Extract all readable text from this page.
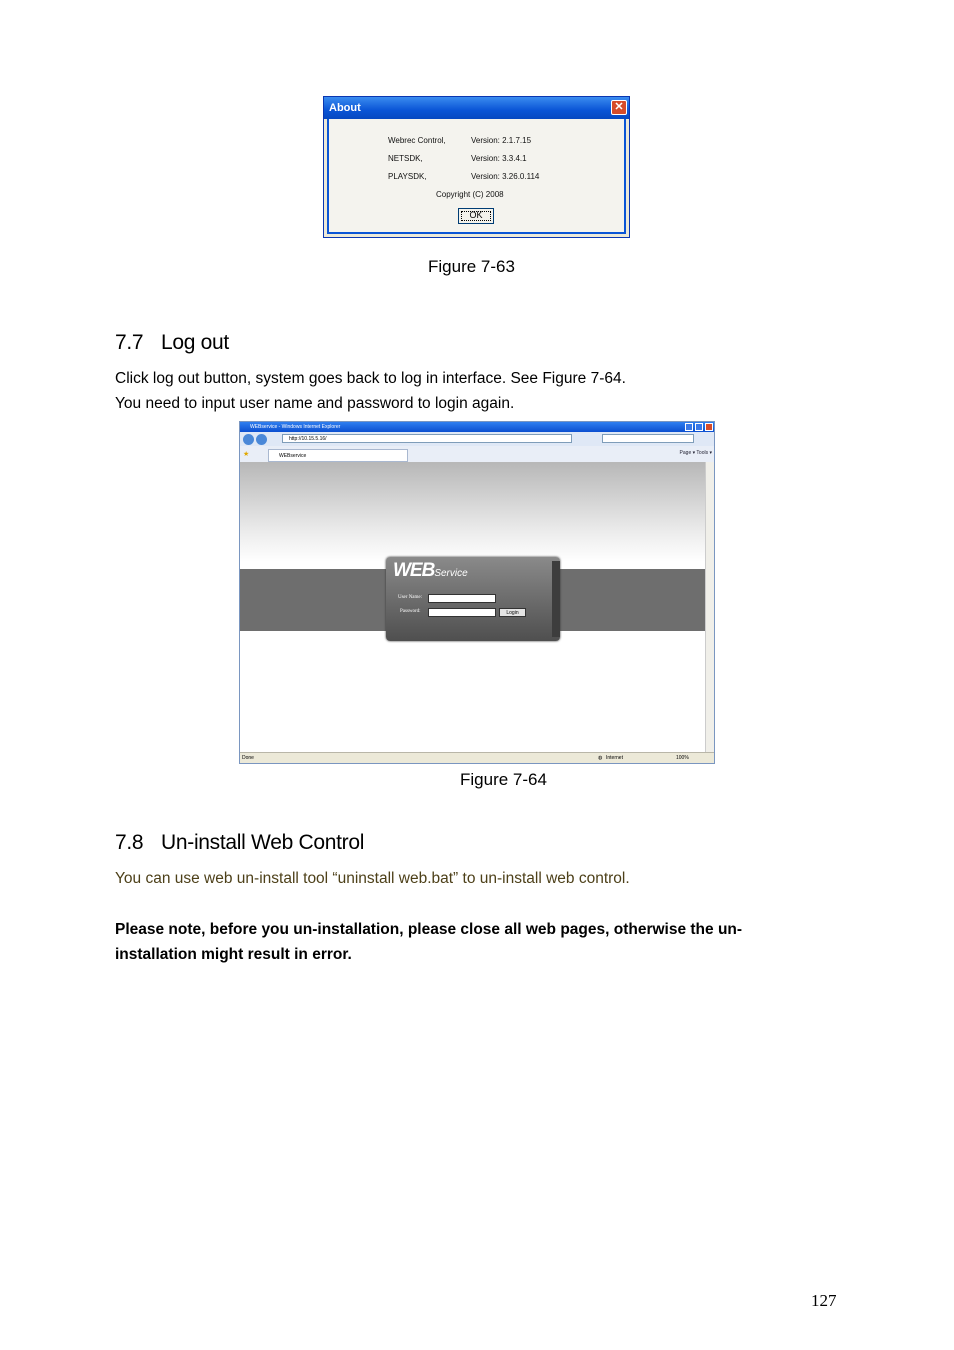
About	✕
Webrec Control,	Version: 2.1.7.15
NETSDK,	Version: 3.3.4.1
PLAYSDK,	Version: 3.26.0.114
Copyright (C) 2008
OK
Figure 7-63
7.7 Log out
Click log out button, system goes back to log in interface. See Figure 7-64.
You need to input user name and password to login again.
WEBservice - Windows Internet Explorer
http://10.15.5.16/
★	WEBservice	Page ▾ Tools ▾
WEBService
User Name:
Password:	Login
Done	◍ Internet	100%
Figure 7-64
7.8 Un-install Web Control
You can use web un-install tool “uninstall web.bat” to un-install web control.
Please note, before you un-installation, please close all web pages, otherwise the un-
installation might result in error.
127
